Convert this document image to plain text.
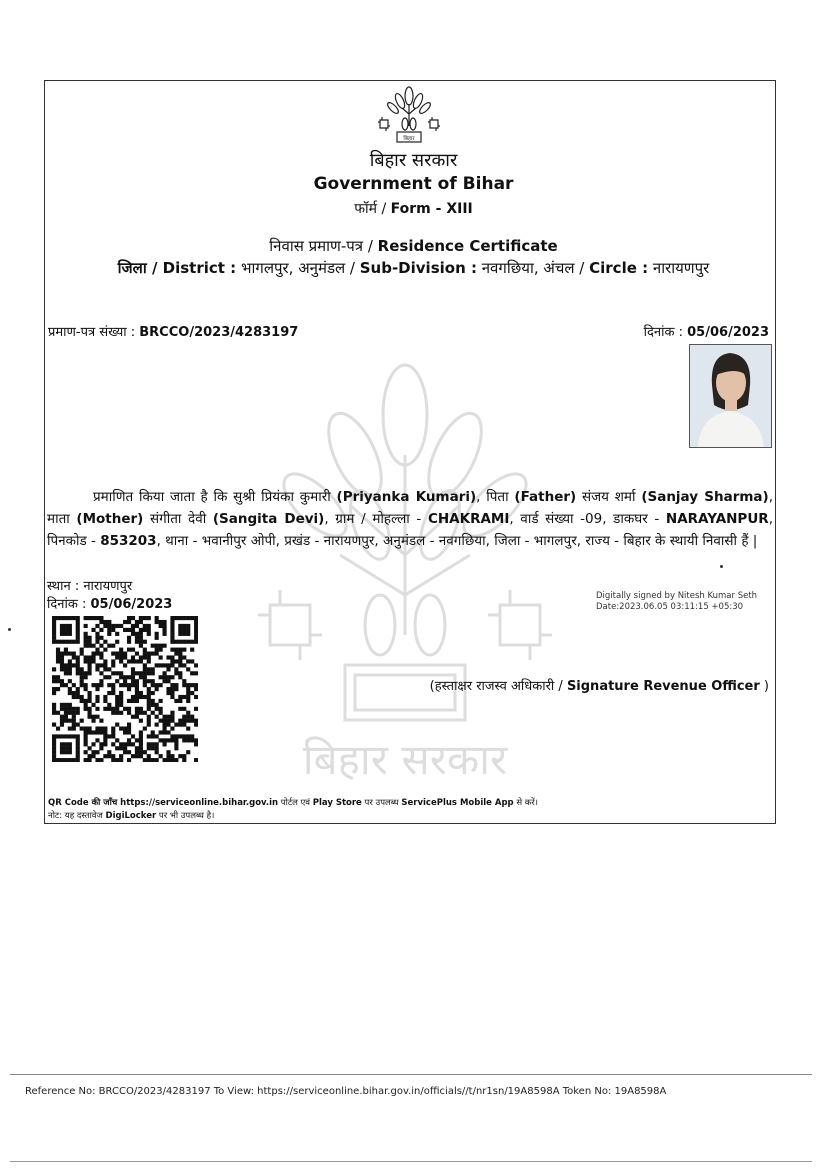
बिहार सरकार
बिहार
बिहार सरकार
Government of Bihar
फॉर्म / Form - XIII
निवास प्रमाण-पत्र / Residence Certificate
जिला / District : भागलपुर, अनुमंडल / Sub-Division : नवगछिया, अंचल / Circle : नारायणपुर
प्रमाण-पत्र संख्या : BRCCO/2023/4283197	दिनांक : 05/06/2023
प्रमाणित किया जाता है कि सुश्री प्रियंका कुमारी (Priyanka Kumari), पिता (Father) संजय शर्मा (Sanjay Sharma), माता (Mother) संगीता देवी (Sangita Devi), ग्राम / मोहल्ला - CHAKRAMI, वार्ड संख्या -09, डाकघर - NARAYANPUR, पिनकोड - 853203, थाना - भवानीपुर ओपी, प्रखंड - नारायणपुर, अनुमंडल - नवगछिया, जिला - भागलपुर, राज्य - बिहार के स्थायी निवासी हैं |
स्थान : नारायणपुर
दिनांक : 05/06/2023
Digitally signed by Nitesh Kumar Seth
Date:2023.06.05 03:11:15 +05:30
(हस्ताक्षर राजस्व अधिकारी / Signature Revenue Officer )
QR Code की जाँच https://serviceonline.bihar.gov.in पोर्टल एवं Play Store पर उपलब्ध ServicePlus Mobile App से करें।
नोट: यह दस्तावेज DigiLocker पर भी उपलब्ध है।
Reference No: BRCCO/2023/4283197 To View: https://serviceonline.bihar.gov.in/officials//t/nr1sn/19A8598A Token No: 19A8598A
